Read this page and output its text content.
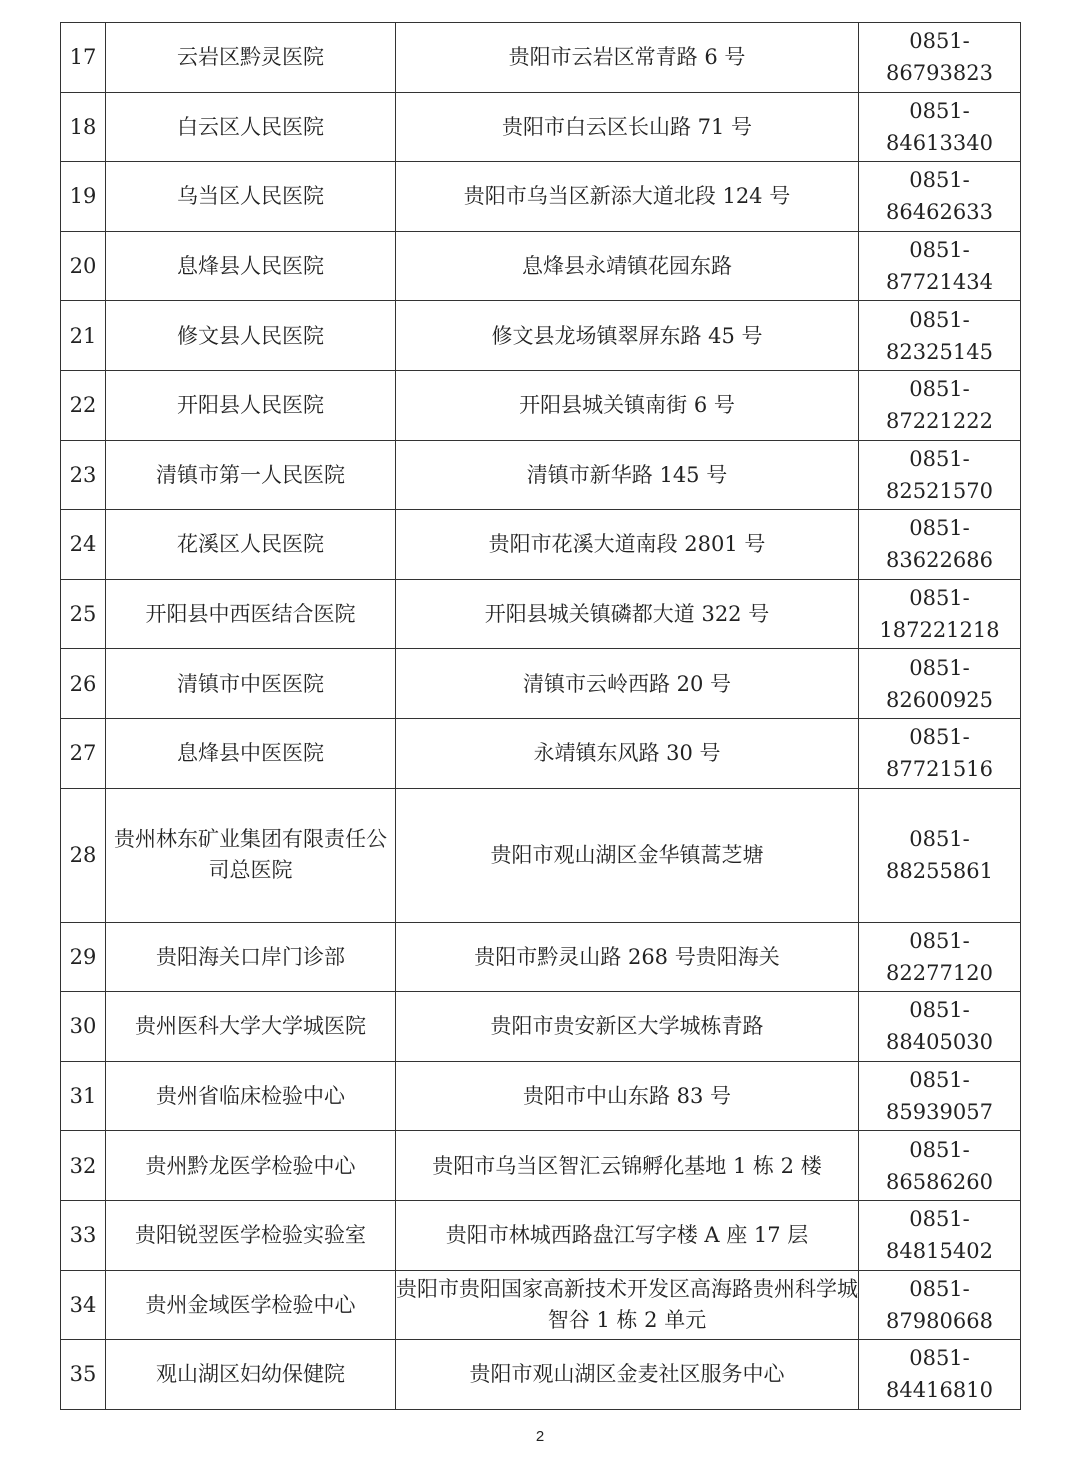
17	云岩区黔灵医院	贵阳市云岩区常青路 6 号	0851-86793823
18	白云区人民医院	贵阳市白云区长山路 71 号	0851-84613340
19	乌当区人民医院	贵阳市乌当区新添大道北段 124 号	0851-86462633
20	息烽县人民医院	息烽县永靖镇花园东路	0851-87721434
21	修文县人民医院	修文县龙场镇翠屏东路 45 号	0851-82325145
22	开阳县人民医院	开阳县城关镇南街 6 号	0851-87221222
23	清镇市第一人民医院	清镇市新华路 145 号	0851-82521570
24	花溪区人民医院	贵阳市花溪大道南段 2801 号	0851-83622686
25	开阳县中西医结合医院	开阳县城关镇磷都大道 322 号	0851-187221218
26	清镇市中医医院	清镇市云岭西路 20 号	0851-82600925
27	息烽县中医医院	永靖镇东风路 30 号	0851-87721516
28	贵州林东矿业集团有限责任公司总医院	贵阳市观山湖区金华镇蒿芝塘	0851-88255861
29	贵阳海关口岸门诊部	贵阳市黔灵山路 268 号贵阳海关	0851-82277120
30	贵州医科大学大学城医院	贵阳市贵安新区大学城栋青路	0851-88405030
31	贵州省临床检验中心	贵阳市中山东路 83 号	0851-85939057
32	贵州黔龙医学检验中心	贵阳市乌当区智汇云锦孵化基地 1 栋 2 楼	0851-86586260
33	贵阳锐翌医学检验实验室	贵阳市林城西路盘江写字楼 A 座 17 层	0851-84815402
34	贵州金域医学检验中心	贵阳市贵阳国家高新技术开发区高海路贵州科学城智谷 1 栋 2 单元	0851-87980668
35	观山湖区妇幼保健院	贵阳市观山湖区金麦社区服务中心	0851-84416810
2
